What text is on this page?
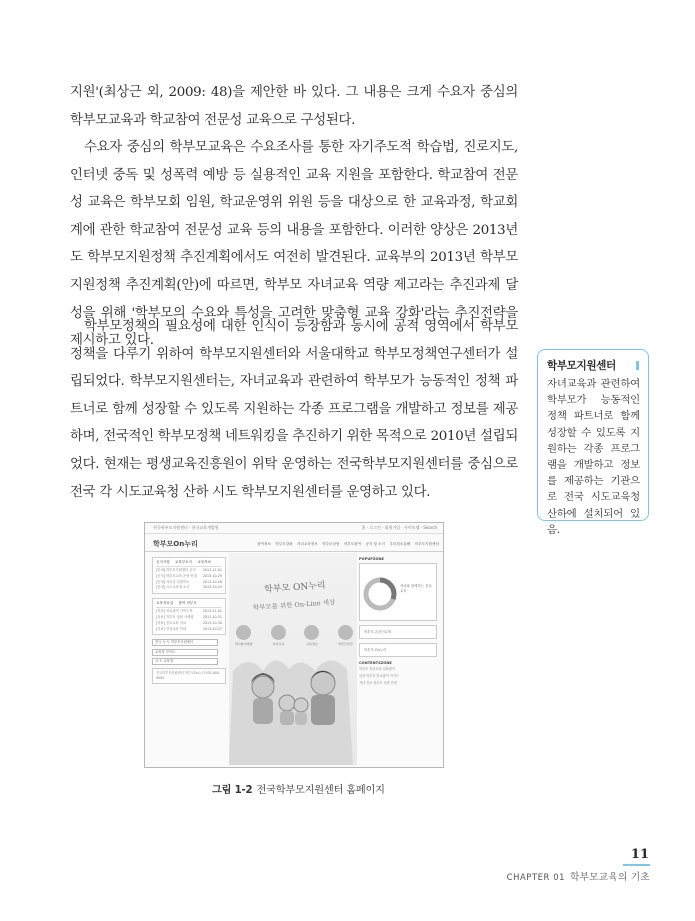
지원'(최상근 외, 2009: 48)을 제안한 바 있다. 그 내용은 크게 수요자 중심의 학부모교육과 학교참여 전문성 교육으로 구성된다.

수요자 중심의 학부모교육은 수요조사를 통한 자기주도적 학습법, 진로지도, 인터넷 중독 및 성폭력 예방 등 실용적인 교육 지원을 포함한다. 학교참여 전문성 교육은 학부모회 임원, 학교운영위 위원 등을 대상으로 한 교육과정, 학교회계에 관한 학교참여 전문성 교육 등의 내용을 포함한다. 이러한 양상은 2013년도 학부모지원정책 추진계획에서도 여전히 발견된다. 교육부의 2013년 학부모지원정책 추진계획(안)에 따르면, 학부모 자녀교육 역량 제고라는 추진과제 달성을 위해 '학부모의 수요와 특성을 고려한 맞춤형 교육 강화'라는 추진전략을 제시하고 있다.

학부모정책의 필요성에 대한 인식이 등장함과 동시에 공적 영역에서 학부모정책을 다루기 위하여 학부모지원센터와 서울대학교 학부모정책연구센터가 설립되었다. 학부모지원센터는, 자녀교육과 관련하여 학부모가 능동적인 정책 파트너로 함께 성장할 수 있도록 지원하는 각종 프로그램을 개발하고 정보를 제공하며, 전국적인 학부모정책 네트워킹을 추진하기 위한 목적으로 2010년 설립되었다. 현재는 평생교육진흥원이 위탁 운영하는 전국학부모지원센터를 중심으로 전국 각 시도교육청 산하 시도 학부모지원센터를 운영하고 있다.

학부모지원센터

자녀교육과 관련하여 학부모가 능동적인 정책 파트너로 함께 성장할 수 있도록 지원하는 각종 프로그램을 개발하고 정보를 제공하는 기관으로 전국 시도교육청 산하에 설치되어 있음.

전국학부모지원센터 · 한국교육개발원	홈 · 로그인 · 회원가입 · 사이트맵 · Search
학부모On누리	참여정보 학부모강좌 자녀교육정보 학부모상담 학부모참여 공지 및 소식 우리집소통해 학부모지원센터
공지사항 교육부소식 교육자료
[안내] 학부모지원센터 공지 2013-11-01
[공지] 학부모교육 운영 안내 2013-10-29
[안내] 자료실 업데이트	2013-10-28
[안내] 시도교육청 소식	2013-10-25
교육자료실 참여 학부모
[자료] 학교참여 가이드북	2013-11-01
[자료] 학부모 상담 사례집	2013-10-31
[자료] 진로교육 자료	2013-10-30
[자료] 인성교육 안내	2013-10-27
전국 시·도 학부모지원센터
교육청 사이트
시·도 교육청
전국학부모지원센터 학부모On누리 031-000-0000
학부모 ON누리
학부모를 위한 On-Line 세상
학교참여역량	자녀교육	교육정보	학부모상담
POPUPZONE
자녀와 함께하는 진로교육
학부모 온라인교육
학부모 On누리
CONTENTSZONE
학부모 자녀교육 길라잡이
알찬 학부모 학교참여 가이드
자녀 진로 학부모 상담 안내
그림 1-2 전국학부모지원센터 홈페이지
11
CHAPTER 01 학부모교육의 기초
